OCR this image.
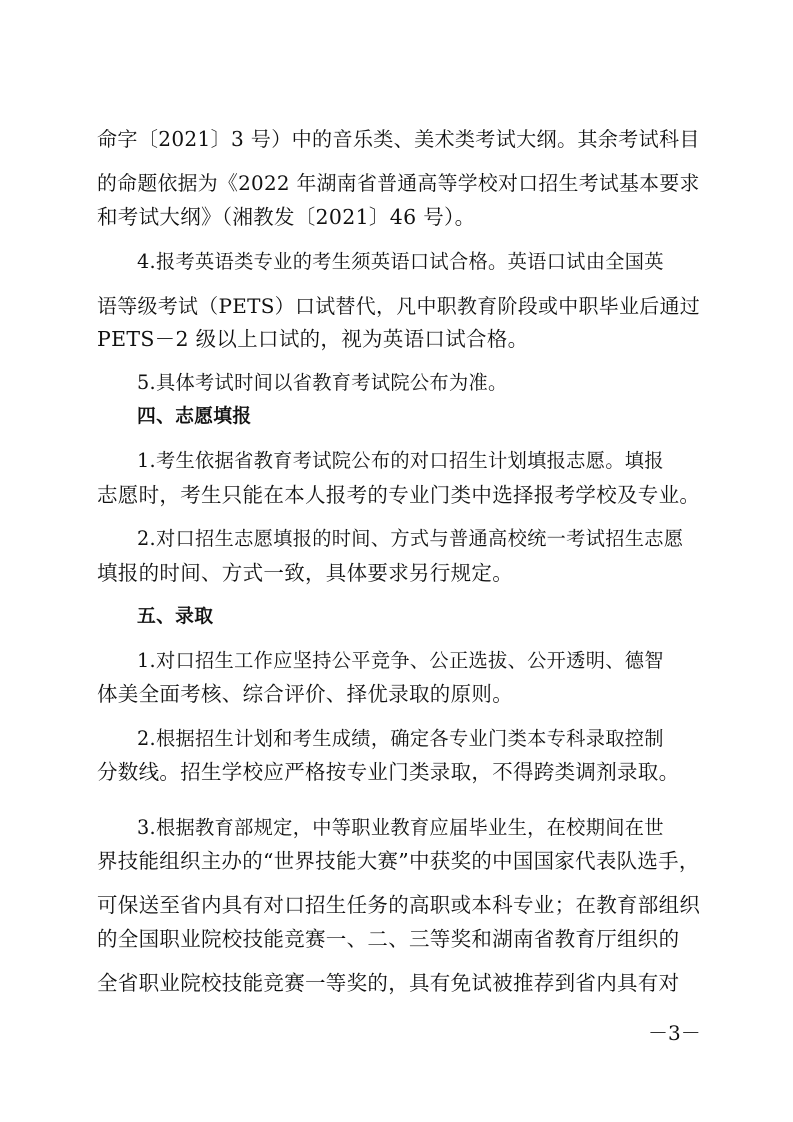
命字〔2021〕3 号）中的音乐类、美术类考试大纲。其余考试科目
的命题依据为《2022 年湖南省普通高等学校对口招生考试基本要求
和考试大纲》（湘教发〔2021〕46 号）。
4.报考英语类专业的考生须英语口试合格。英语口试由全国英
语等级考试（PETS）口试替代，凡中职教育阶段或中职毕业后通过
PETS－2 级以上口试的，视为英语口试合格。
5.具体考试时间以省教育考试院公布为准。
四、志愿填报
1.考生依据省教育考试院公布的对口招生计划填报志愿。填报
志愿时，考生只能在本人报考的专业门类中选择报考学校及专业。
2.对口招生志愿填报的时间、方式与普通高校统一考试招生志愿
填报的时间、方式一致，具体要求另行规定。
五、录取
1.对口招生工作应坚持公平竞争、公正选拔、公开透明、德智
体美全面考核、综合评价、择优录取的原则。
2.根据招生计划和考生成绩，确定各专业门类本专科录取控制
分数线。招生学校应严格按专业门类录取，不得跨类调剂录取。
3.根据教育部规定，中等职业教育应届毕业生，在校期间在世
界技能组织主办的“世界技能大赛”中获奖的中国国家代表队选手，
可保送至省内具有对口招生任务的高职或本科专业；在教育部组织
的全国职业院校技能竞赛一、二、三等奖和湖南省教育厅组织的
全省职业院校技能竞赛一等奖的，具有免试被推荐到省内具有对
－3－
